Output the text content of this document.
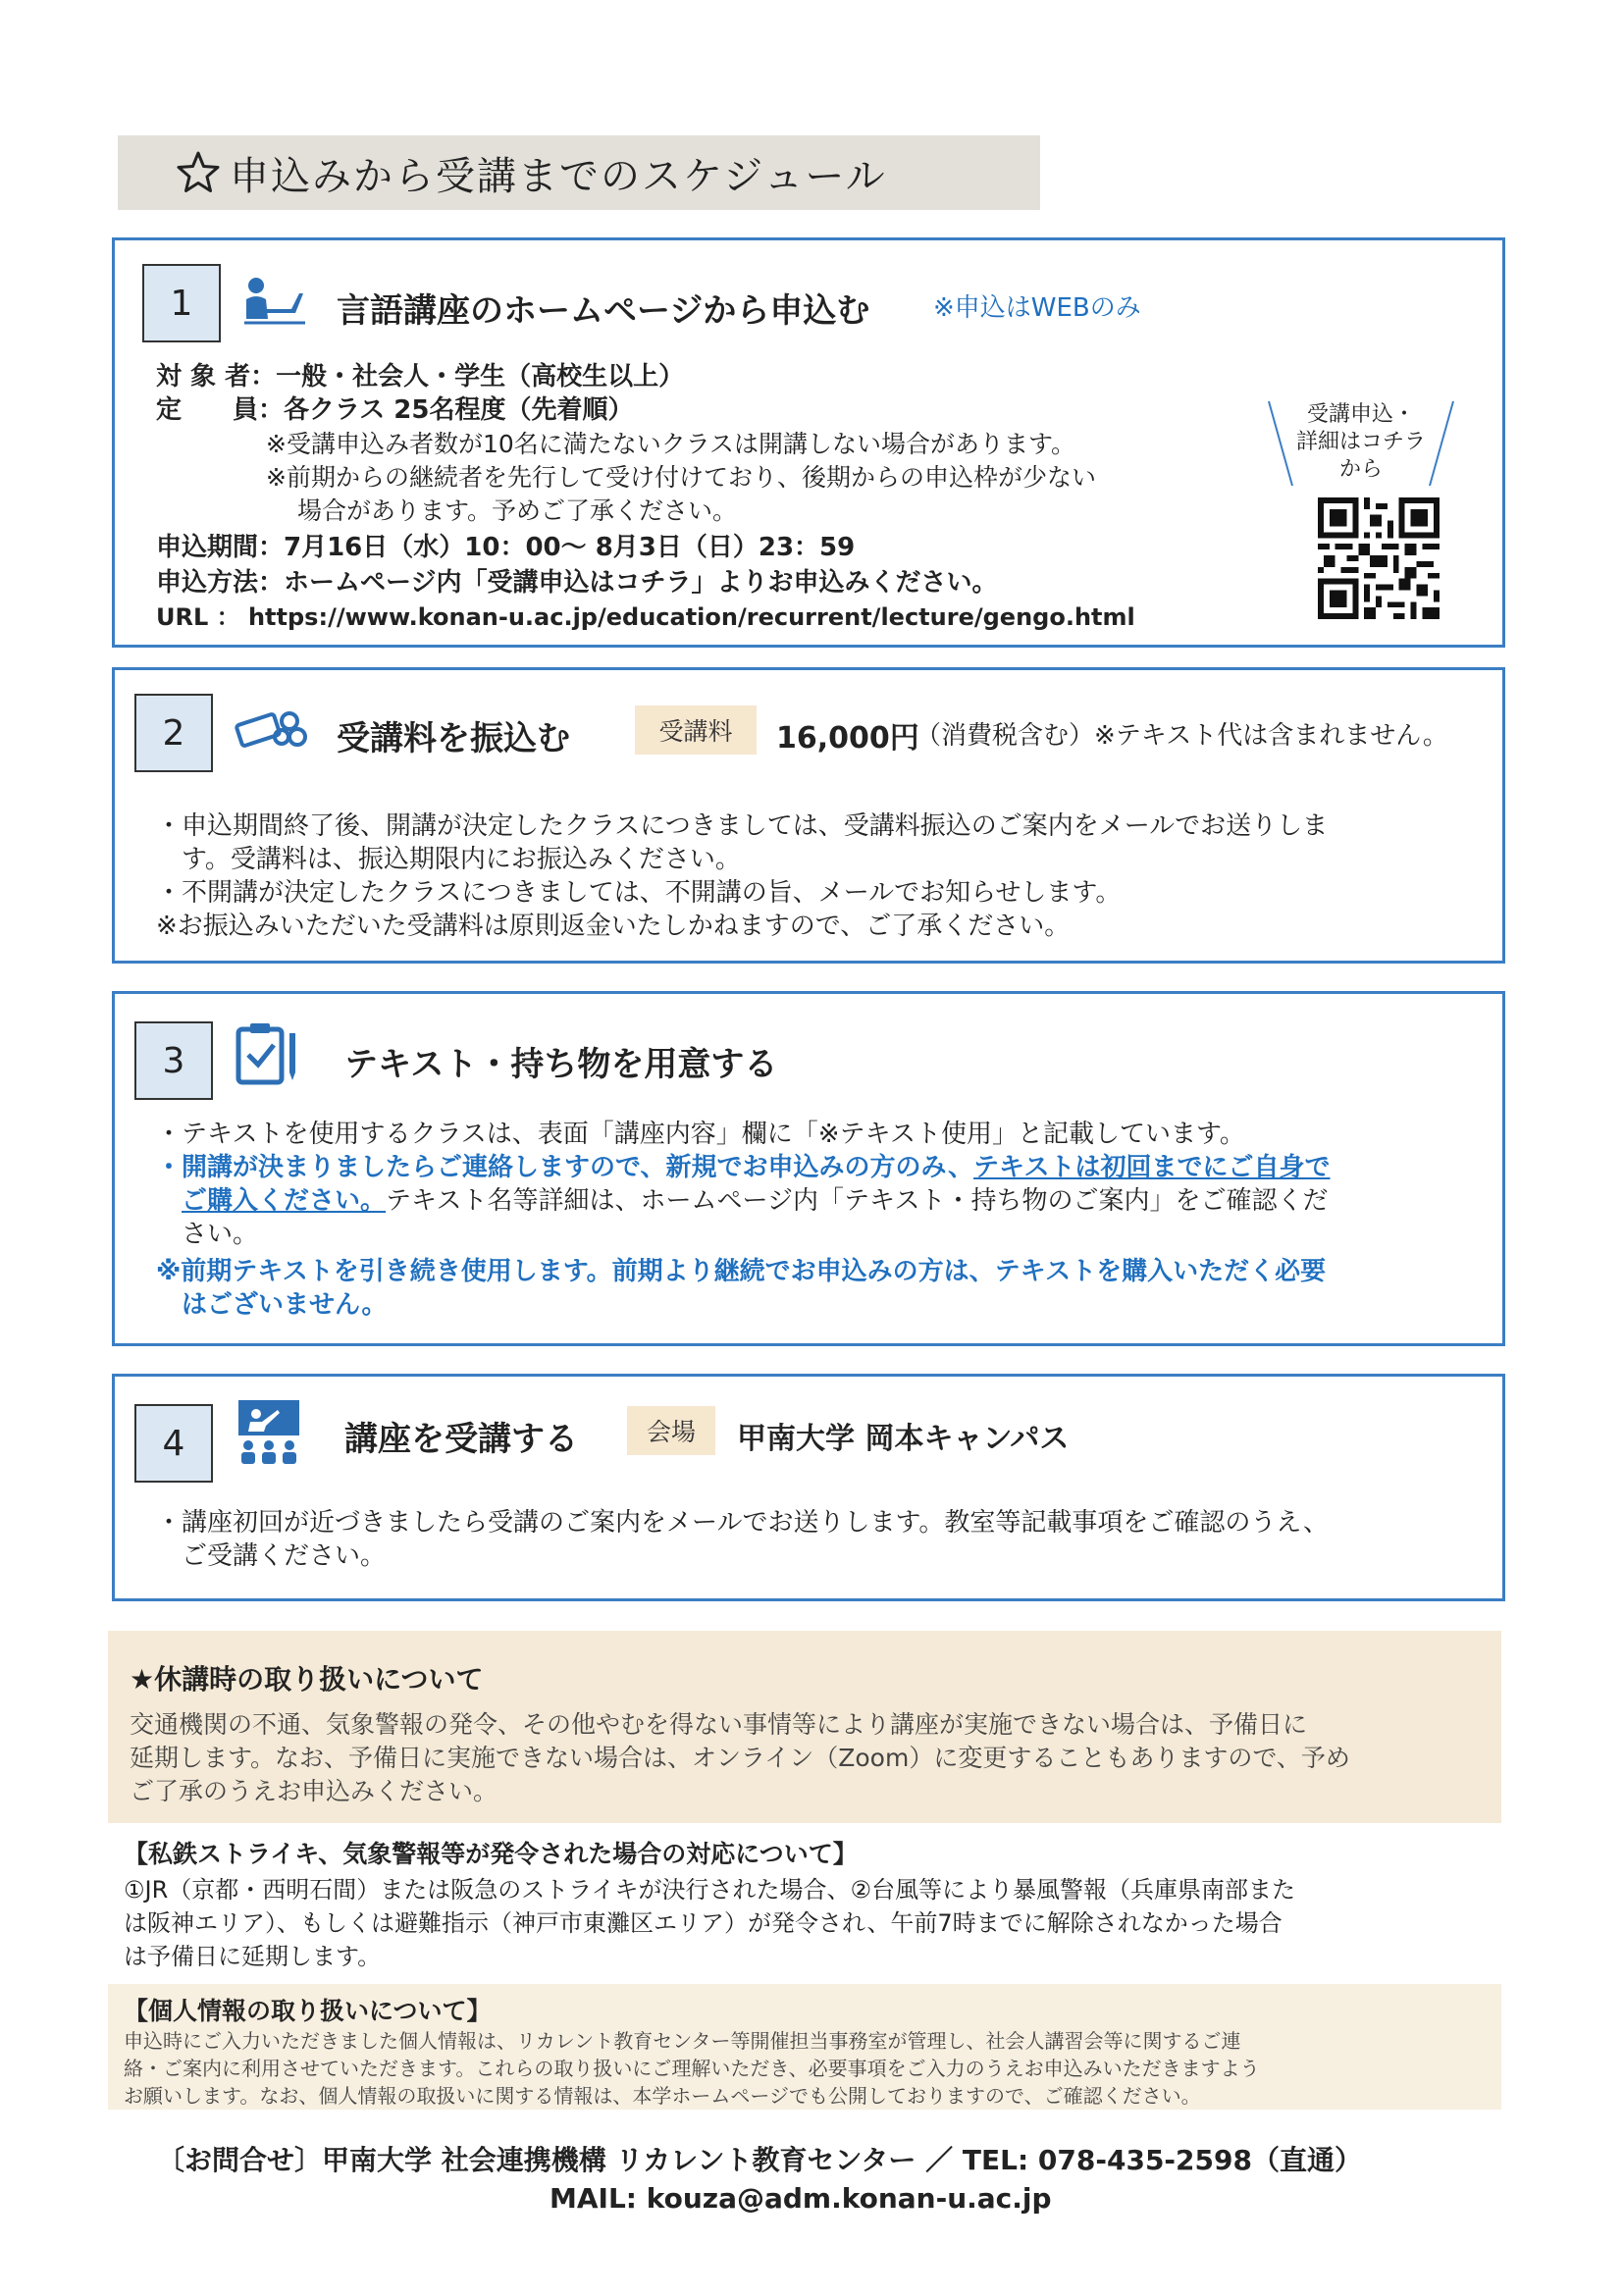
申込みから受講までのスケジュール
1	言語講座のホームページから申込む ※申込はWEBのみ
対 象 者：一般・社会人・学生（高校生以上）
定　　員：各クラス 25名程度（先着順）
※受講申込み者数が10名に満たないクラスは開講しない場合があります。
※前期からの継続者を先行して受け付けており、後期からの申込枠が少ない
場合があります。予めご了承ください。
申込期間：7月16日（水）10：00～ 8月3日（日）23：59
申込方法：ホームページ内「受講申込はコチラ」よりお申込みください。
URL ： https://www.konan-u.ac.jp/education/recurrent/lecture/gengo.html
受講申込・
詳細はコチラ
から
2	受講料を振込む	受講料	16,000円
（消費税含む）※テキスト代は含まれません。
・申込期間終了後、開講が決定したクラスにつきましては、受講料振込のご案内をメールでお送りしま
す。受講料は、振込期限内にお振込みください。
・不開講が決定したクラスにつきましては、不開講の旨、メールでお知らせします。
※お振込みいただいた受講料は原則返金いたしかねますので、ご了承ください。
3	テキスト・持ち物を用意する
・テキストを使用するクラスは、表面「講座内容」欄に「※テキスト使用」と記載しています。
・開講が決まりましたらご連絡しますので、新規でお申込みの方のみ、テキストは初回までにご自身で
ご購入ください。テキスト名等詳細は、ホームページ内「テキスト・持ち物のご案内」をご確認くだ
さい。
※前期テキストを引き続き使用します。前期より継続でお申込みの方は、テキストを購入いただく必要
はございません。
4	講座を受講する	会場	甲南大学 岡本キャンパス
・講座初回が近づきましたら受講のご案内をメールでお送りします。教室等記載事項をご確認のうえ、
ご受講ください。
★休講時の取り扱いについて
交通機関の不通、気象警報の発令、その他やむを得ない事情等により講座が実施できない場合は、予備日に
延期します。なお、予備日に実施できない場合は、オンライン（Zoom）に変更することもありますので、予め
ご了承のうえお申込みください。
【私鉄ストライキ、気象警報等が発令された場合の対応について】
①JR（京都・西明石間）または阪急のストライキが決行された場合、②台風等により暴風警報（兵庫県南部また
は阪神エリア）、もしくは避難指示（神戸市東灘区エリア）が発令され、午前7時までに解除されなかった場合
は予備日に延期します。
【個人情報の取り扱いについて】
申込時にご入力いただきました個人情報は、リカレント教育センター等開催担当事務室が管理し、社会人講習会等に関するご連
絡・ご案内に利用させていただきます。これらの取り扱いにご理解いただき、必要事項をご入力のうえお申込みいただきますよう
お願いします。なお、個人情報の取扱いに関する情報は、本学ホームページでも公開しておりますので、ご確認ください。
〔お問合せ〕甲南大学 社会連携機構 リカレント教育センター ／ TEL: 078-435-2598（直通）
MAIL: kouza@adm.konan-u.ac.jp
